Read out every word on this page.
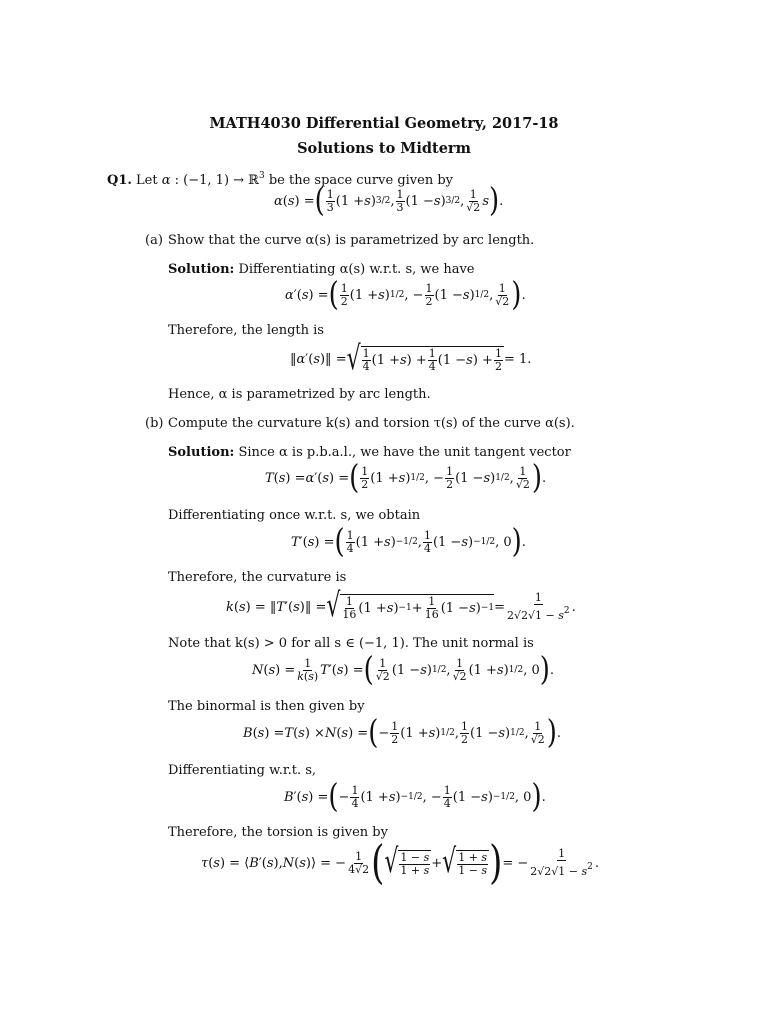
MATH4030 Differential Geometry, 2017-18
Solutions to Midterm
Q1. Let α : (−1, 1) → ℝ$^3$ be the space curve given by
α ( s ) = ( $\frac{1}{3} (1 + s$ ) 3/2 , $\frac{1}{3} (1 - s$ ) 3/2 , $\frac{1}{√2}$ s ) .
(a) Show that the curve α(s) is parametrized by arc length.
Solution: Differentiating α(s) w.r.t. s, we have
α ′( s ) = ( $\frac{1}{2} (1 + s$ ) 1/2 , − $\frac{1}{2} (1 - s$ ) 1/2 , $\frac{1}{√2}$ ) .
Therefore, the length is
‖ α ′( s )‖ = √ $\frac{1}{4} (1 + s$ ) + $\frac{1}{4} (1 - s$ ) + $\frac{1}{2} = 1$.
Hence, α is parametrized by arc length.
(b) Compute the curvature k(s) and torsion τ(s) of the curve α(s).
Solution: Since α is p.b.a.l., we have the unit tangent vector
T ( s ) = α ′( s ) = ( $\frac{1}{2} (1 + s$ ) 1/2 , − $\frac{1}{2} (1 - s$ ) 1/2 , $\frac{1}{√2}$ ) .
Differentiating once w.r.t. s, we obtain
T ′( s ) = ( $\frac{1}{4} (1 + s$ ) −1/2 , $\frac{1}{4} (1 - s$ ) −1/2 , 0 ) .
Therefore, the curvature is
k ( s ) = ‖ T ′( s )‖ = √ $\frac{1}{16} (1 + s$ ) $-1 + \frac{1}{16} (1 - s$ ) $-1 = \frac{1}{2√2√1 - s^2}$ .
Note that k(s) > 0 for all s ∈ (−1, 1). The unit normal is
N ( s ) = $\frac{1}{k(s)}$ T ′( s ) = ( $\frac{1}{√2} (1 - s$ ) 1/2 , $\frac{1}{√2} (1 + s$ ) 1/2 , 0 ) .
The binormal is then given by
B ( s ) = T ( s ) × N ( s ) = ( − $\frac{1}{2} (1 + s$ ) 1/2 , $\frac{1}{2} (1 - s$ ) 1/2 , $\frac{1}{√2}$ ) .
Differentiating w.r.t. s,
B ′( s ) = ( − $\frac{1}{4} (1 + s$ ) −1/2 , − $\frac{1}{4} (1 - s$ ) −1/2 , 0 ) .
Therefore, the torsion is given by
τ ( s ) = ⟨ B ′( s ), N ( s )⟩ = − $\frac{1}{4√2}$ ( √ $\frac{1 - s}{1 + s}$ + √ $\frac{1 + s}{1 - s}$ ) = − $\frac{1}{2√2√1 - s^2}$ .
